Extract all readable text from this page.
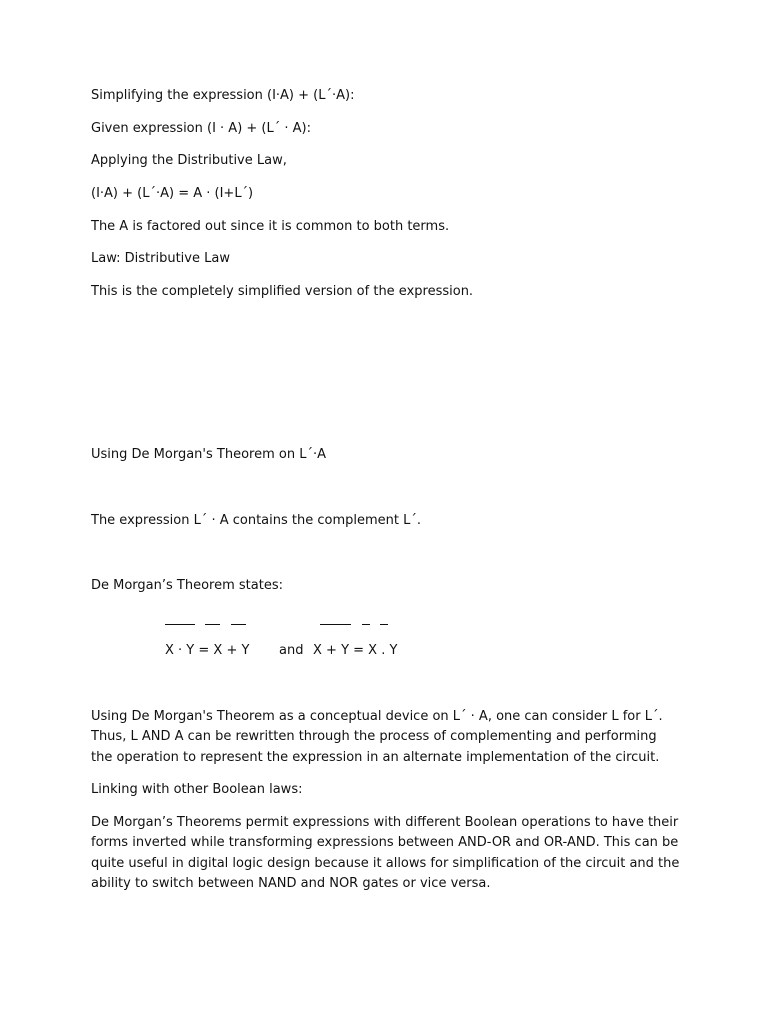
Simplifying the expression (I·A) + (L´·A):

Given expression (I · A) + (L´ · A):

Applying the Distributive Law,

(I·A) + (L´·A) = A · (I+L´)

The A is factored out since it is common to both terms.

Law: Distributive Law

This is the completely simplified version of the expression.

Using De Morgan's Theorem on L´·A

The expression L´ · A contains the complement L´.

De Morgan’s Theorem states:

X · Y = X + Y and X + Y = X . Y

Using De Morgan's Theorem as a conceptual device on L´ · A, one can consider L for L´. Thus, L AND A can be rewritten through the process of complementing and performing the operation to represent the expression in an alternate implementation of the circuit.

Linking with other Boolean laws:

De Morgan’s Theorems permit expressions with different Boolean operations to have their forms inverted while transforming expressions between AND-OR and OR-AND. This can be quite useful in digital logic design because it allows for simplification of the circuit and the ability to switch between NAND and NOR gates or vice versa.
